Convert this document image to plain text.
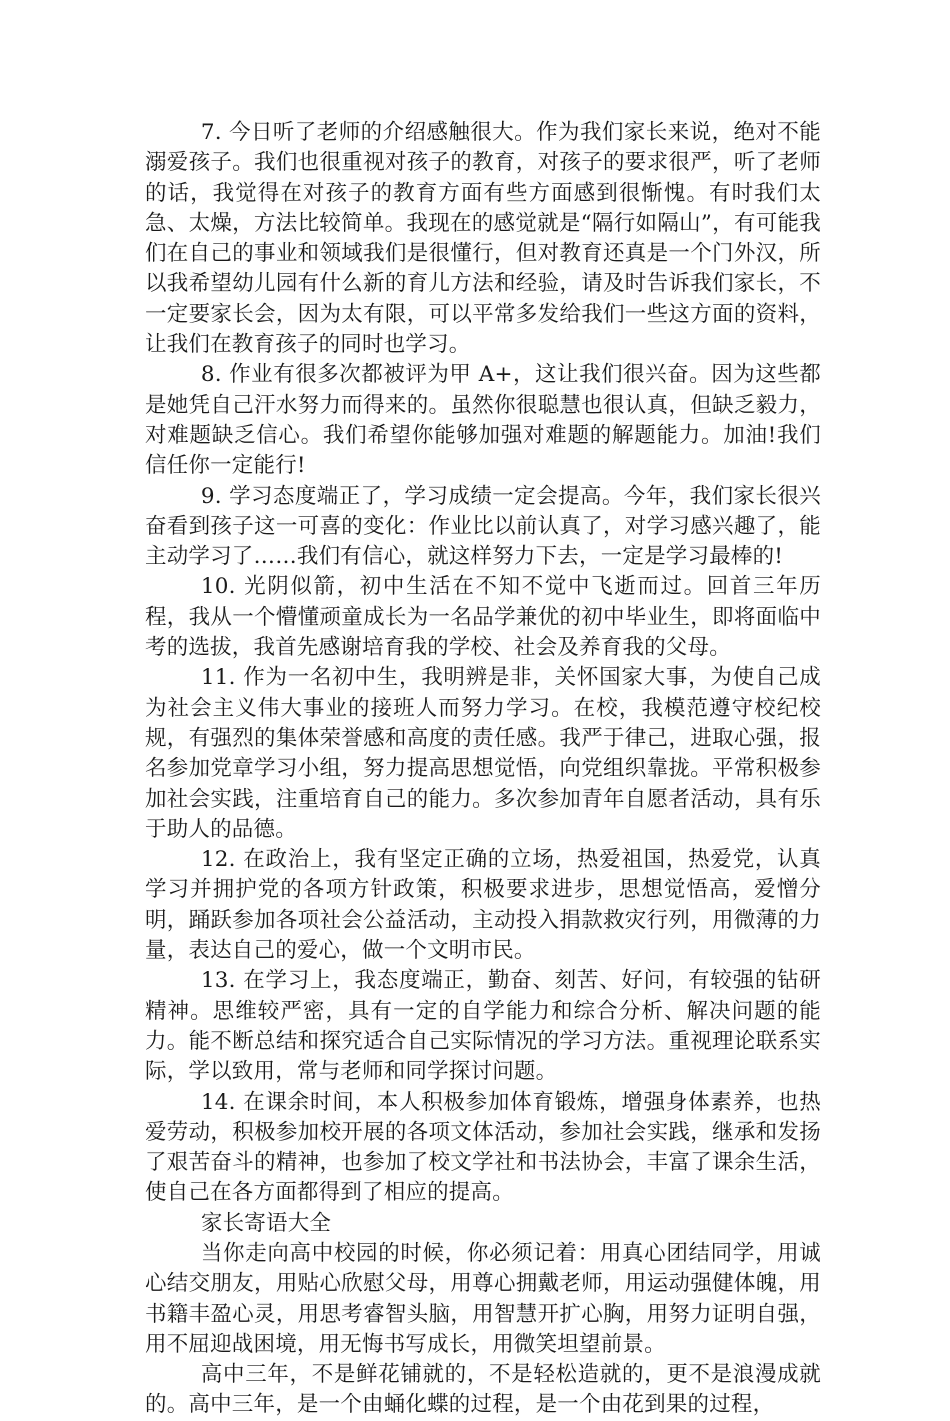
7. 今日听了老师的介绍感触很大。作为我们家长来说，绝对不能溺爱孩子。我们也很重视对孩子的教育，对孩子的要求很严，听了老师的话，我觉得在对孩子的教育方面有些方面感到很惭愧。有时我们太急、太燥，方法比较简单。我现在的感觉就是“隔行如隔山”，有可能我们在自己的事业和领域我们是很懂行，但对教育还真是一个门外汉，所以我希望幼儿园有什么新的育儿方法和经验，请及时告诉我们家长，不一定要家长会，因为太有限，可以平常多发给我们一些这方面的资料，让我们在教育孩子的同时也学习。

8. 作业有很多次都被评为甲 A+，这让我们很兴奋。因为这些都是她凭自己汗水努力而得来的。虽然你很聪慧也很认真，但缺乏毅力，对难题缺乏信心。我们希望你能够加强对难题的解题能力。加油!我们信任你一定能行!

9. 学习态度端正了，学习成绩一定会提高。今年，我们家长很兴奋看到孩子这一可喜的变化：作业比以前认真了，对学习感兴趣了，能主动学习了……我们有信心，就这样努力下去，一定是学习最棒的!

10. 光阴似箭，初中生活在不知不觉中飞逝而过。回首三年历程，我从一个懵懂顽童成长为一名品学兼优的初中毕业生，即将面临中考的选拔，我首先感谢培育我的学校、社会及养育我的父母。

11. 作为一名初中生，我明辨是非，关怀国家大事，为使自己成为社会主义伟大事业的接班人而努力学习。在校，我模范遵守校纪校规，有强烈的集体荣誉感和高度的责任感。我严于律己，进取心强，报名参加党章学习小组，努力提高思想觉悟，向党组织靠拢。平常积极参加社会实践，注重培育自己的能力。多次参加青年自愿者活动，具有乐于助人的品德。

12. 在政治上，我有坚定正确的立场，热爱祖国，热爱党，认真学习并拥护党的各项方针政策，积极要求进步，思想觉悟高，爱憎分明，踊跃参加各项社会公益活动，主动投入捐款救灾行列，用微薄的力量，表达自己的爱心，做一个文明市民。

13. 在学习上，我态度端正，勤奋、刻苦、好问，有较强的钻研精神。思维较严密，具有一定的自学能力和综合分析、解决问题的能力。能不断总结和探究适合自己实际情况的学习方法。重视理论联系实际，学以致用，常与老师和同学探讨问题。

14. 在课余时间，本人积极参加体育锻炼，增强身体素养，也热爱劳动，积极参加校开展的各项文体活动，参加社会实践，继承和发扬了艰苦奋斗的精神，也参加了校文学社和书法协会，丰富了课余生活，使自己在各方面都得到了相应的提高。

家长寄语大全

当你走向高中校园的时候，你必须记着：用真心团结同学，用诚心结交朋友，用贴心欣慰父母，用尊心拥戴老师，用运动强健体魄，用书籍丰盈心灵，用思考睿智头脑，用智慧开扩心胸，用努力证明自强，用不屈迎战困境，用无悔书写成长，用微笑坦望前景。

高中三年，不是鲜花铺就的，不是轻松造就的，更不是浪漫成就的。高中三年，是一个由蛹化蝶的过程，是一个由花到果的过程，
